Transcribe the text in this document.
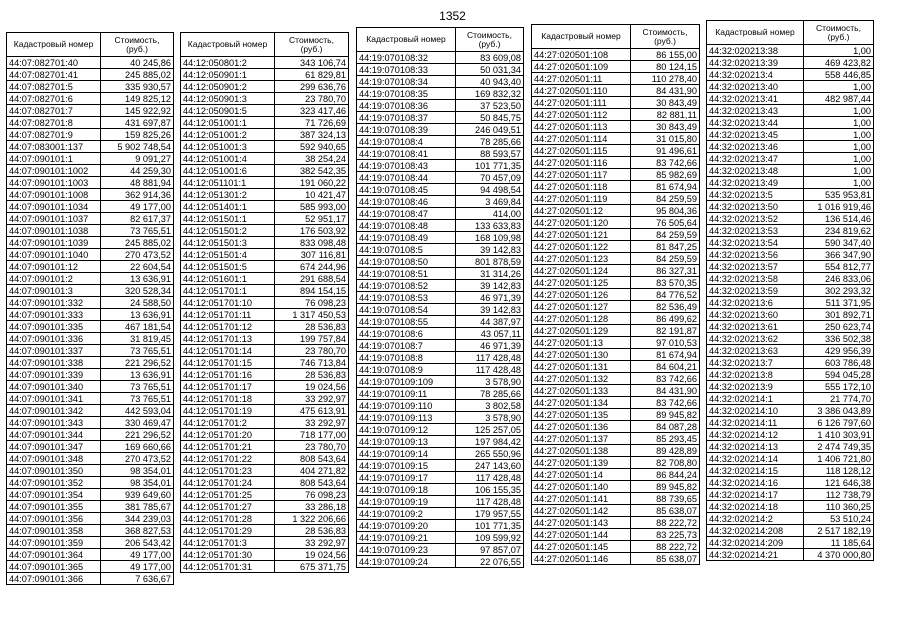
1352
Кадастровый номер	Стоимость, (руб.)
44:07:082701:40	40 245,86
44:07:082701:41	245 885,02
44:07:082701:5	335 930,57
44:07:082701:6	149 825,12
44:07:082701:7	145 922,92
44:07:082701:8	431 697,87
44:07:082701:9	159 825,26
44:07:083001:137	5 902 748,54
44:07:090101:1	9 091,27
44:07:090101:1002	44 259,30
44:07:090101:1003	48 881,94
44:07:090101:1008	362 914,36
44:07:090101:1034	49 177,00
44:07:090101:1037	82 617,37
44:07:090101:1038	73 765,51
44:07:090101:1039	245 885,02
44:07:090101:1040	270 473,52
44:07:090101:12	22 604,54
44:07:090101:2	13 636,91
44:07:090101:3	320 528,34
44:07:090101:332	24 588,50
44:07:090101:333	13 636,91
44:07:090101:335	467 181,54
44:07:090101:336	31 819,45
44:07:090101:337	73 765,51
44:07:090101:338	221 296,52
44:07:090101:339	13 636,91
44:07:090101:340	73 765,51
44:07:090101:341	73 765,51
44:07:090101:342	442 593,04
44:07:090101:343	330 469,47
44:07:090101:344	221 296,52
44:07:090101:347	169 660,66
44:07:090101:348	270 473,52
44:07:090101:350	98 354,01
44:07:090101:352	98 354,01
44:07:090101:354	939 649,60
44:07:090101:355	381 785,67
44:07:090101:356	344 239,03
44:07:090101:358	368 827,53
44:07:090101:359	206 543,42
44:07:090101:364	49 177,00
44:07:090101:365	49 177,00
44:07:090101:366	7 636,67
Кадастровый номер	Стоимость, (руб.)
44:12:050801:2	343 106,74
44:12:050901:1	61 829,81
44:12:050901:2	299 636,76
44:12:050901:3	23 780,70
44:12:050901:5	323 417,46
44:12:051001:1	71 726,69
44:12:051001:2	387 324,13
44:12:051001:3	592 940,65
44:12:051001:4	38 254,24
44:12:051001:6	382 542,35
44:12:051101:1	191 060,22
44:12:051301:2	10 421,47
44:12:051401:1	585 993,00
44:12:051501:1	52 951,17
44:12:051501:2	176 503,92
44:12:051501:3	833 098,48
44:12:051501:4	307 116,81
44:12:051501:5	674 244,96
44:12:051601:1	291 688,54
44:12:051701:1	894 154,15
44:12:051701:10	76 098,23
44:12:051701:11	1 317 450,53
44:12:051701:12	28 536,83
44:12:051701:13	199 757,84
44:12:051701:14	23 780,70
44:12:051701:15	746 713,84
44:12:051701:16	28 536,83
44:12:051701:17	19 024,56
44:12:051701:18	33 292,97
44:12:051701:19	475 613,91
44:12:051701:2	33 292,97
44:12:051701:20	718 177,00
44:12:051701:21	23 780,70
44:12:051701:22	808 543,64
44:12:051701:23	404 271,82
44:12:051701:24	808 543,64
44:12:051701:25	76 098,23
44:12:051701:27	33 286,18
44:12:051701:28	1 322 206,66
44:12:051701:29	28 536,83
44:12:051701:3	33 292,97
44:12:051701:30	19 024,56
44:12:051701:31	675 371,75
Кадастровый номер	Стоимость, (руб.)
44:19:070108:32	83 609,08
44:19:070108:33	50 031,34
44:19:070108:34	40 943,40
44:19:070108:35	169 832,32
44:19:070108:36	37 523,50
44:19:070108:37	50 845,75
44:19:070108:39	246 049,51
44:19:070108:4	78 285,66
44:19:070108:41	88 593,57
44:19:070108:43	101 771,35
44:19:070108:44	70 457,09
44:19:070108:45	94 498,54
44:19:070108:46	3 469,84
44:19:070108:47	414,00
44:19:070108:48	133 633,83
44:19:070108:49	168 109,98
44:19:070108:5	39 142,83
44:19:070108:50	801 878,59
44:19:070108:51	31 314,26
44:19:070108:52	39 142,83
44:19:070108:53	46 971,39
44:19:070108:54	39 142,83
44:19:070108:55	44 387,97
44:19:070108:6	43 057,11
44:19:070108:7	46 971,39
44:19:070108:8	117 428,48
44:19:070108:9	117 428,48
44:19:070109:109	3 578,90
44:19:070109:11	78 285,66
44:19:070109:110	3 802,58
44:19:070109:113	3 578,90
44:19:070109:12	125 257,05
44:19:070109:13	197 984,42
44:19:070109:14	265 550,96
44:19:070109:15	247 143,60
44:19:070109:17	117 428,48
44:19:070109:18	106 155,35
44:19:070109:19	117 428,48
44:19:070109:2	179 957,55
44:19:070109:20	101 771,35
44:19:070109:21	109 599,92
44:19:070109:23	97 857,07
44:19:070109:24	22 076,55
Кадастровый номер	Стоимость, (руб.)
44:27:020501:108	86 155,00
44:27:020501:109	80 124,15
44:27:020501:11	110 278,40
44:27:020501:110	84 431,90
44:27:020501:111	30 843,49
44:27:020501:112	82 881,11
44:27:020501:113	30 843,49
44:27:020501:114	31 015,80
44:27:020501:115	91 496,61
44:27:020501:116	83 742,66
44:27:020501:117	85 982,69
44:27:020501:118	81 674,94
44:27:020501:119	84 259,59
44:27:020501:12	95 804,36
44:27:020501:120	76 505,64
44:27:020501:121	84 259,59
44:27:020501:122	81 847,25
44:27:020501:123	84 259,59
44:27:020501:124	86 327,31
44:27:020501:125	83 570,35
44:27:020501:126	84 776,52
44:27:020501:127	82 536,49
44:27:020501:128	86 499,62
44:27:020501:129	82 191,87
44:27:020501:13	97 010,53
44:27:020501:130	81 674,94
44:27:020501:131	84 604,21
44:27:020501:132	83 742,66
44:27:020501:133	84 431,90
44:27:020501:134	83 742,66
44:27:020501:135	89 945,82
44:27:020501:136	84 087,28
44:27:020501:137	85 293,45
44:27:020501:138	89 428,89
44:27:020501:139	82 708,80
44:27:020501:14	86 844,24
44:27:020501:140	89 945,82
44:27:020501:141	88 739,65
44:27:020501:142	85 638,07
44:27:020501:143	88 222,72
44:27:020501:144	83 225,73
44:27:020501:145	88 222,72
44:27:020501:146	85 638,07
Кадастровый номер	Стоимость, (руб.)
44:32:020213:38	1,00
44:32:020213:39	469 423,82
44:32:020213:4	558 446,85
44:32:020213:40	1,00
44:32:020213:41	482 987,44
44:32:020213:43	1,00
44:32:020213:44	1,00
44:32:020213:45	1,00
44:32:020213:46	1,00
44:32:020213:47	1,00
44:32:020213:48	1,00
44:32:020213:49	1,00
44:32:020213:5	535 953,81
44:32:020213:50	1 016 919,46
44:32:020213:52	136 514,46
44:32:020213:53	234 819,62
44:32:020213:54	590 347,40
44:32:020213:56	366 347,90
44:32:020213:57	554 812,77
44:32:020213:58	246 833,06
44:32:020213:59	302 293,32
44:32:020213:6	511 371,95
44:32:020213:60	301 892,71
44:32:020213:61	250 623,74
44:32:020213:62	336 502,38
44:32:020213:63	429 956,39
44:32:020213:7	603 786,48
44:32:020213:8	594 045,28
44:32:020213:9	555 172,10
44:32:020214:1	21 774,70
44:32:020214:10	3 386 043,89
44:32:020214:11	6 126 797,60
44:32:020214:12	1 410 303,91
44:32:020214:13	2 474 749,35
44:32:020214:14	1 406 721,80
44:32:020214:15	118 128,12
44:32:020214:16	121 646,38
44:32:020214:17	112 738,79
44:32:020214:18	110 360,25
44:32:020214:2	53 510,24
44:32:020214:208	2 517 182,19
44:32:020214:209	11 185,64
44:32:020214:21	4 370 000,80
